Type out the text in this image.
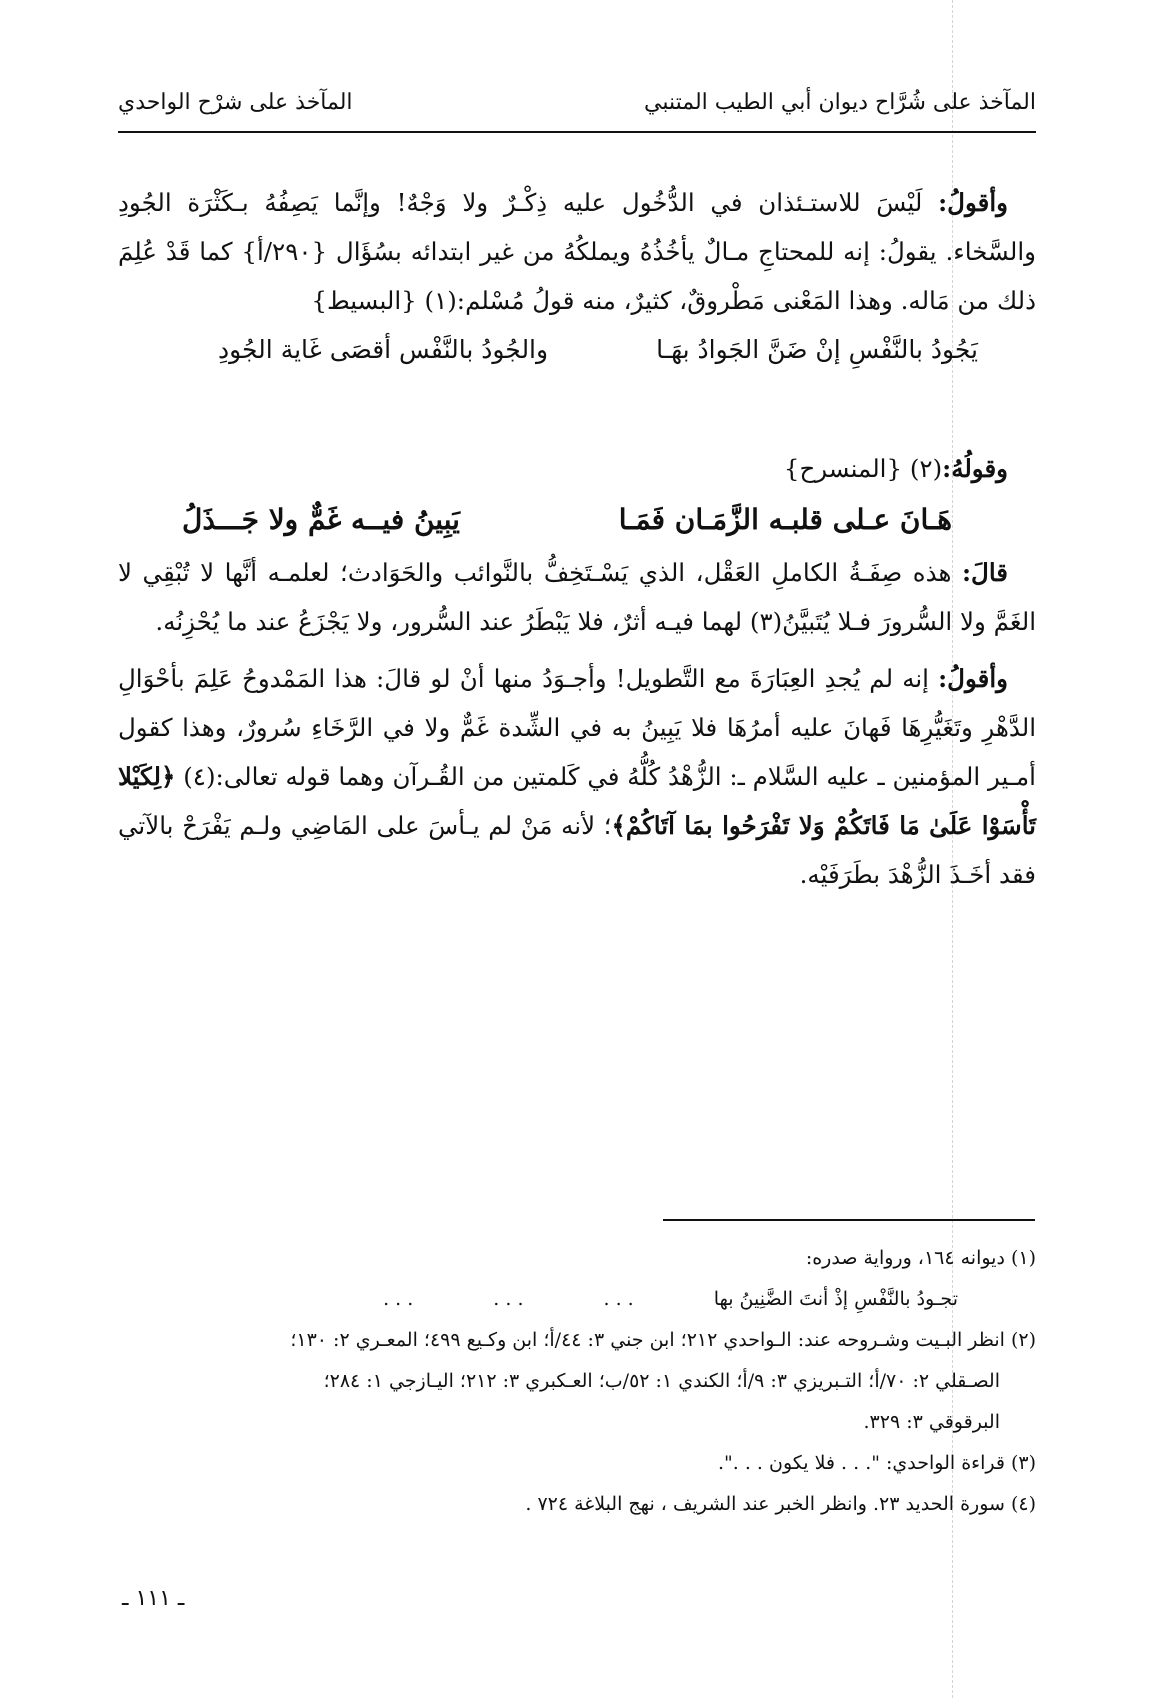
المآخذ على شُرَّاح ديوان أبي الطيب المتنبي
المآخذ على شرْح الواحدي

وأقولُ: لَيْسَ للاستـئذان في الدُّخُول عليه ذِكْـرٌ ولا وَجْهٌ! وإنَّما يَصِفُهُ بـكَثْرَة الجُودِ والسَّخاء. يقولُ: إنه للمحتاجِ مـالٌ يأخُذُهُ ويملكُهُ من غير ابتدائه بسُؤَال {٢٩٠/أ} كما قَدْ عُلِمَ ذلك من مَاله. وهذا المَعْنى مَطْروقٌ، كثيرٌ، منه قولُ مُسْلم:(١) {البسيط}

يَجُودُ بالنَّفْسِ إنْ ضَنَّ الجَوادُ بهَـا
والجُودُ بالنَّفْس أقصَى غَاية الجُودِ

وقولُهُ:(٢) {المنسرح}

هَـانَ عـلى قلبـه الزَّمَـان فَمَـا
يَبِينُ فيــه غَمٌّ ولا جَـــذَلُ

قالَ: هذه صِفَـةُ الكاملِ العَقْل، الذي يَسْـتَخِفُّ بالنَّوائب والحَوَادث؛ لعلمـه أنَّها لا تُبْقِي لا الغَمَّ ولا السُّرورَ فـلا يُتَبيَّنُ(٣) لهما فيـه أثرٌ، فلا يَبْطَرُ عند السُّرور، ولا يَجْزَعُ عند ما يُحْزِنُه.

وأقولُ: إنه لم يُجدِ العِبَارَةَ مع التَّطويل! وأجـوَدُ منها أنْ لو قالَ: هذا المَمْدوحُ عَلِمَ بأحْوَالِ الدَّهْرِ وتَغَيُّرِهَا فَهانَ عليه أمرُهَا فلا يَبِينُ به في الشِّدة غَمٌّ ولا في الرَّخَاءِ سُرورٌ، وهذا كقول أمـير المؤمنين ـ عليه السَّلام ـ: الزُّهْدُ كُلُّهُ في كَلمتين من القُـرآن وهما قوله تعالى:(٤) ﴿لِكَيْلا تَأْسَوْا عَلَىٰ مَا فَاتَكُمْ وَلا تَفْرَحُوا بمَا آتَاكُمْ﴾؛ لأنه مَنْ لم يـأسَ على المَاضِي ولـم يَفْرَحْ بالآتي فقد أخَـذَ الزُّهْدَ بطَرَفَيْه.

(١)ديوانه ١٦٤، ورواية صدره:

تجـودُ بالنَّفْسِ إذْ أنتَ الضَّنِينُ بها
. . .
. . .
. . .

(٢)انظر البـيت وشـروحه عند: الـواحدي ٢١٢؛ ابن جني ٣: ٤٤/أ؛ ابن وكـيع ٤٩٩؛ المعـري ٢: ١٣٠؛

الصـقلي ٢: ٧٠/أ؛ التـبريزي ٣: ٩/أ؛ الكندي ١: ٥٢/ب؛ العـكبري ٣: ٢١٢؛ اليـازجي ١: ٢٨٤؛

البرقوقي ٣: ٣٢٩.

(٣)قراءة الواحدي: ". . . فلا يكون . . .".

(٤)سورة الحديد ٢٣. وانظر الخبر عند الشريف ، نهج البلاغة ٧٢٤ .

ـ ١١١ ـ
